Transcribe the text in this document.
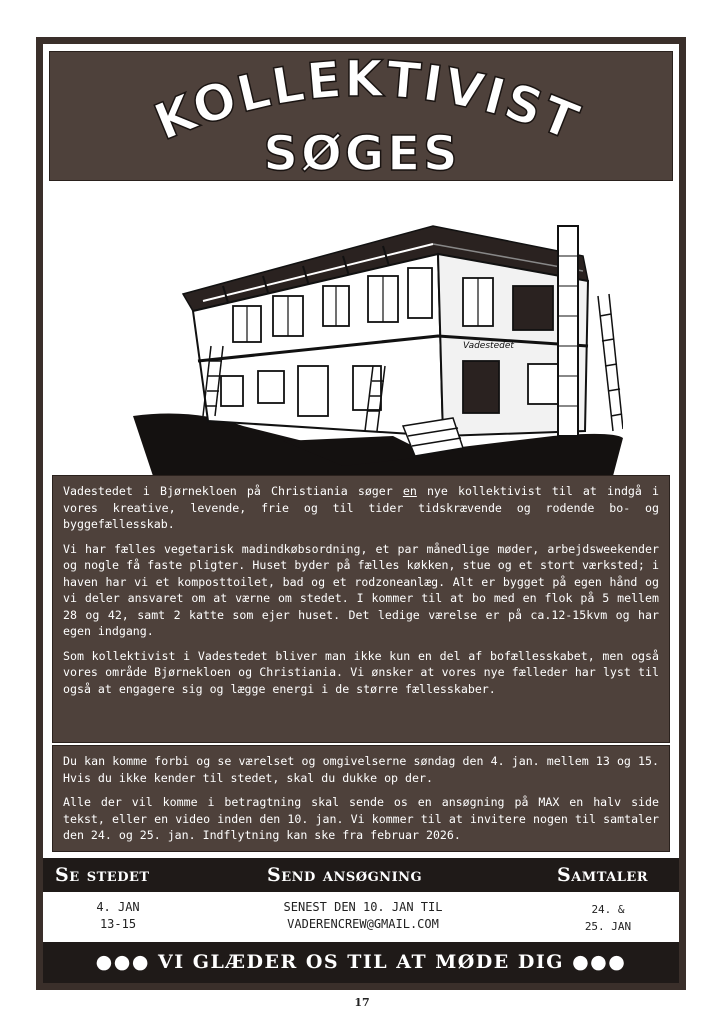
KOLLEKTIVIST
SØGES
Vadestedet

Vadestedet i Bjørnekloen på Christiania søger en nye kollektivist til at indgå i vores kreative, levende, frie og til tider tidskrævende og rodende bo- og byggefællesskab.

Vi har fælles vegetarisk madindkøbsordning, et par månedlige møder, arbejdsweekender og nogle få faste pligter. Huset byder på fælles køkken, stue og et stort værksted; i haven har vi et komposttoilet, bad og et rodzoneanlæg. Alt er bygget på egen hånd og vi deler ansvaret om at værne om stedet. I kommer til at bo med en flok på 5 mellem 28 og 42, samt 2 katte som ejer huset. Det ledige værelse er på ca.12-15kvm og har egen indgang.

Som kollektivist i Vadestedet bliver man ikke kun en del af bofællesskabet, men også vores område Bjørnekloen og Christiania. Vi ønsker at vores nye fælleder har lyst til også at engagere sig og lægge energi i de større fællesskaber.

Du kan komme forbi og se værelset og omgivelserne søndag den 4. jan. mellem 13 og 15. Hvis du ikke kender til stedet, skal du dukke op der.

Alle der vil komme i betragtning skal sende os en ansøgning på MAX en halv side tekst, eller en video inden den 10. jan. Vi kommer til at invitere nogen til samtaler den 24. og 25. jan. Indflytning kan ske fra februar 2026.

Se stedet	Send ansøgning	Samtaler
4. JAN
13-15
SENEST DEN 10. JAN TIL
VADERENCREW@GMAIL.COM
24. &
25. JAN
●●● VI GLÆDER OS TIL AT MØDE DIG ●●●
17
